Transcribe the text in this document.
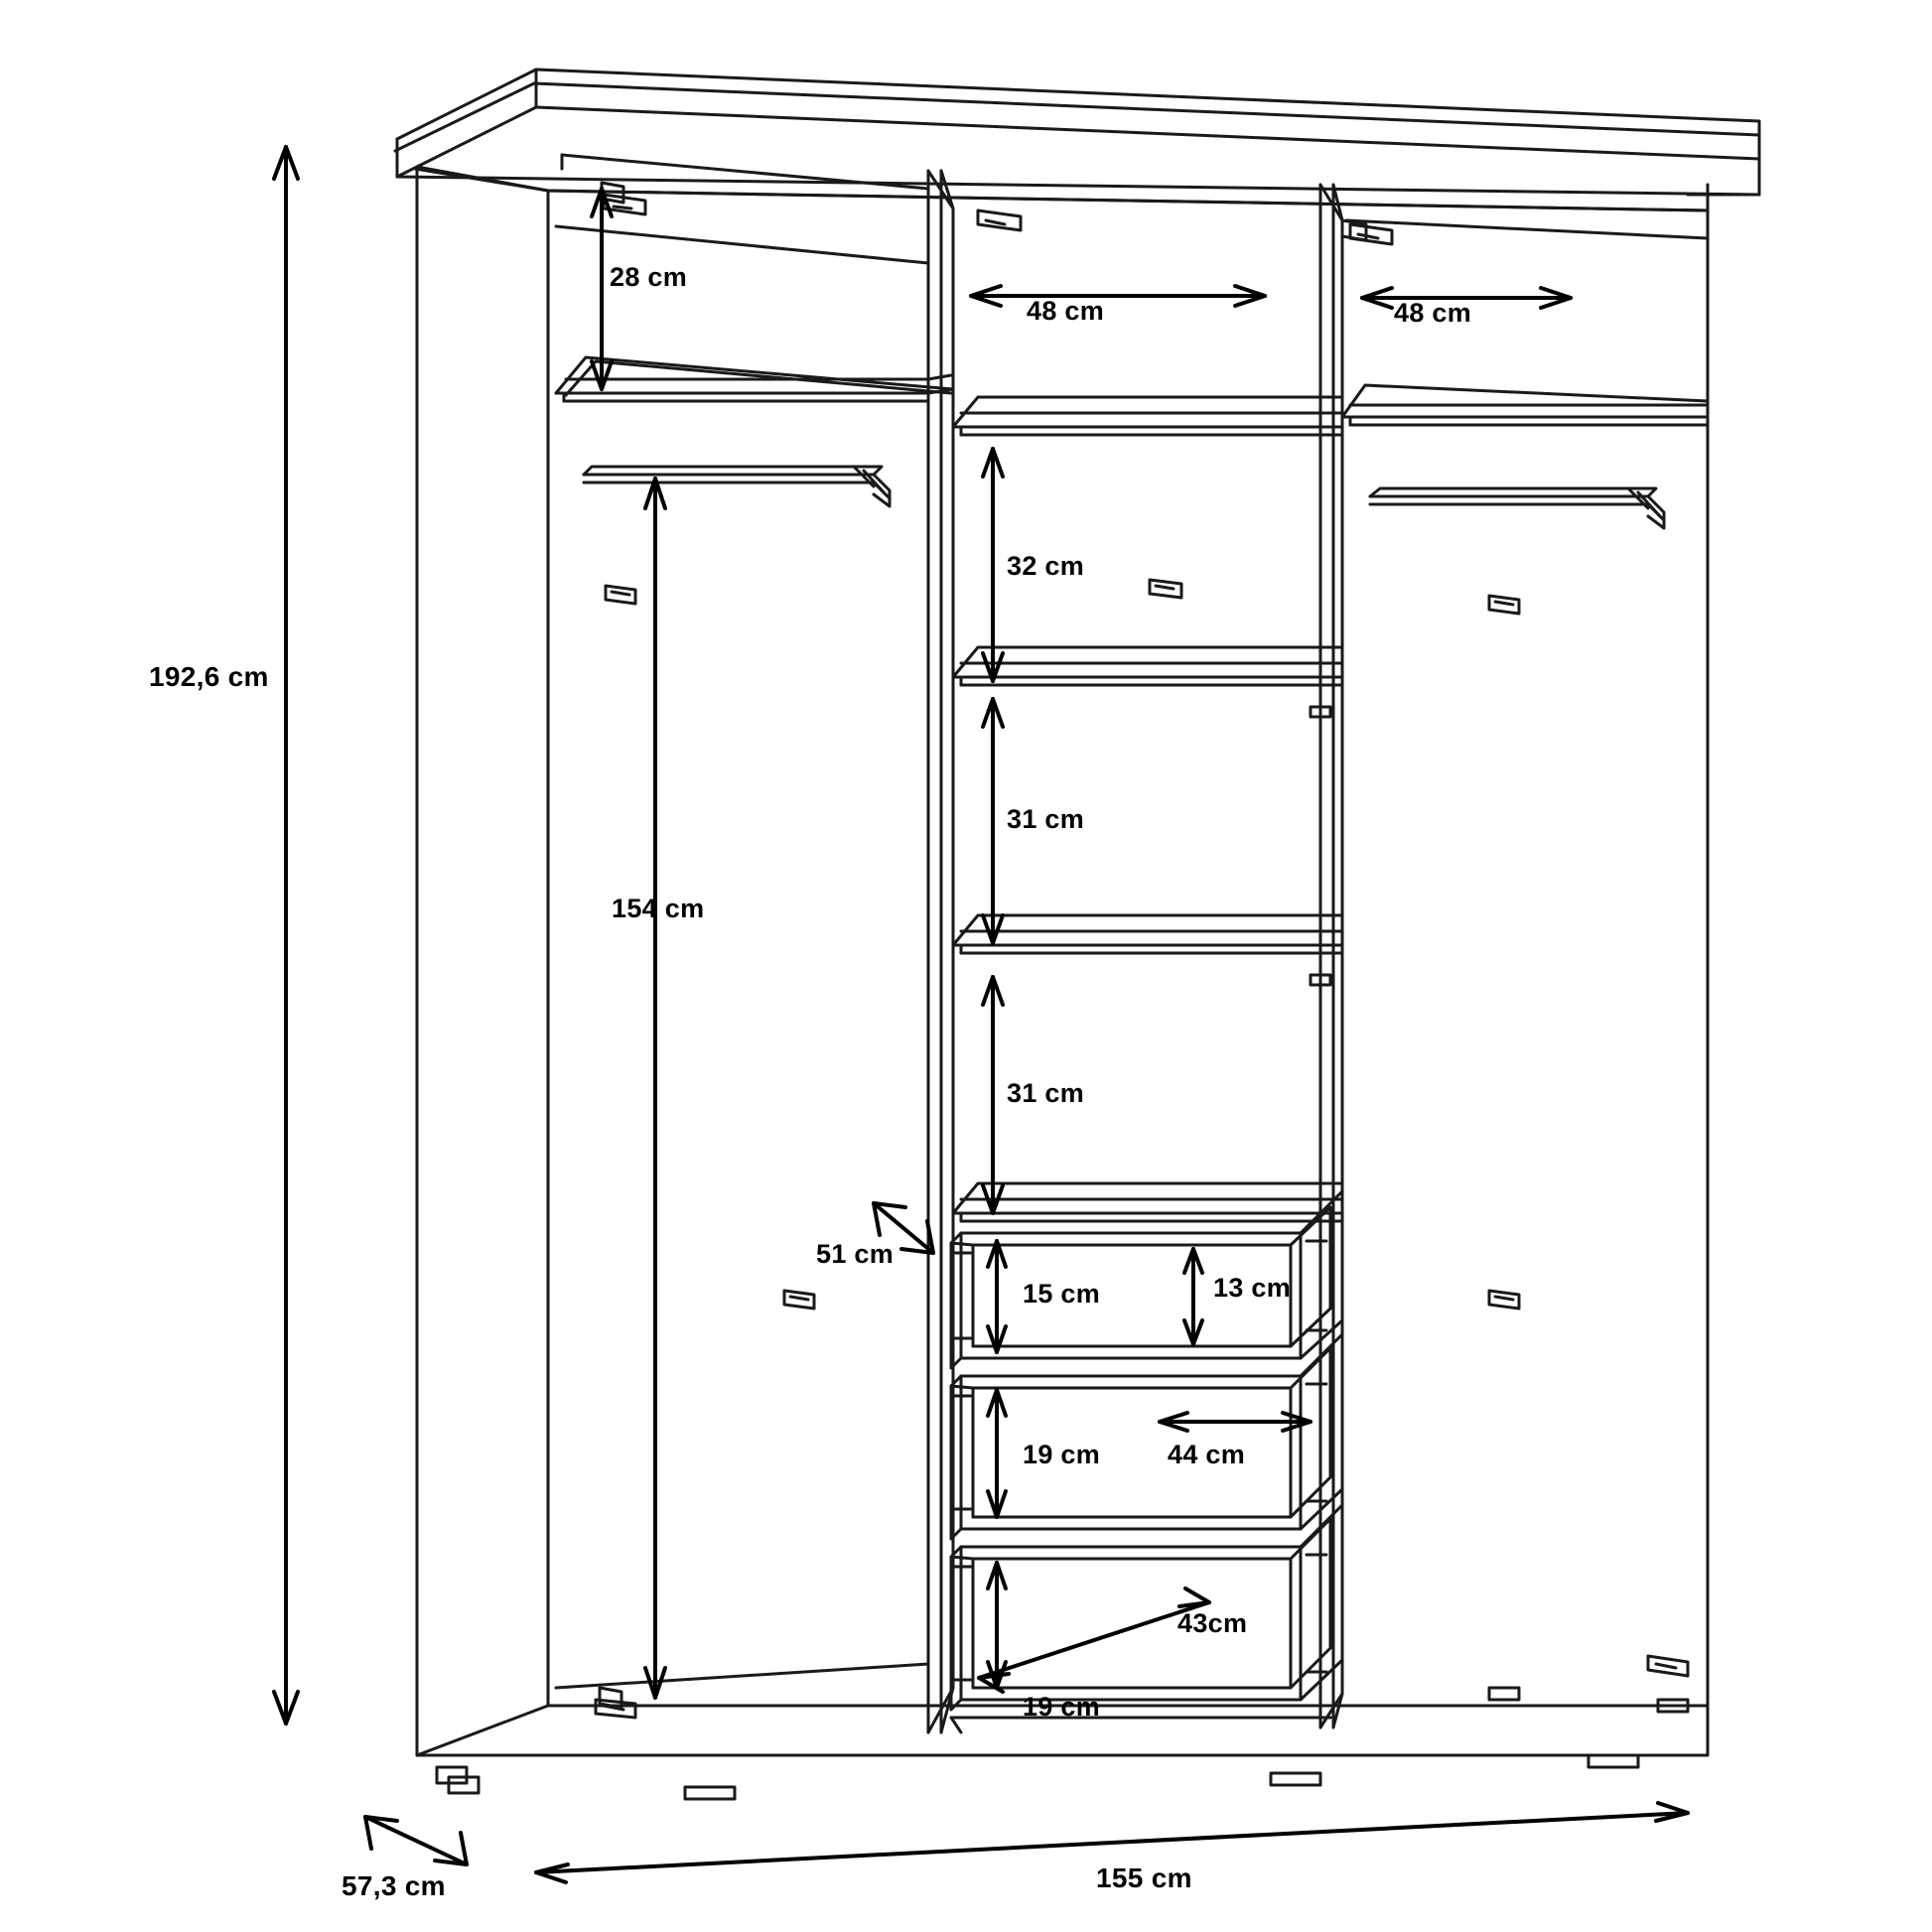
192,6 cm
28 cm
48 cm	48 cm
154 cm
32 cm
31 cm
31 cm
51 cm
15 cm	13 cm
19 cm	44 cm
43cm
19 cm
57,3 cm	155 cm
